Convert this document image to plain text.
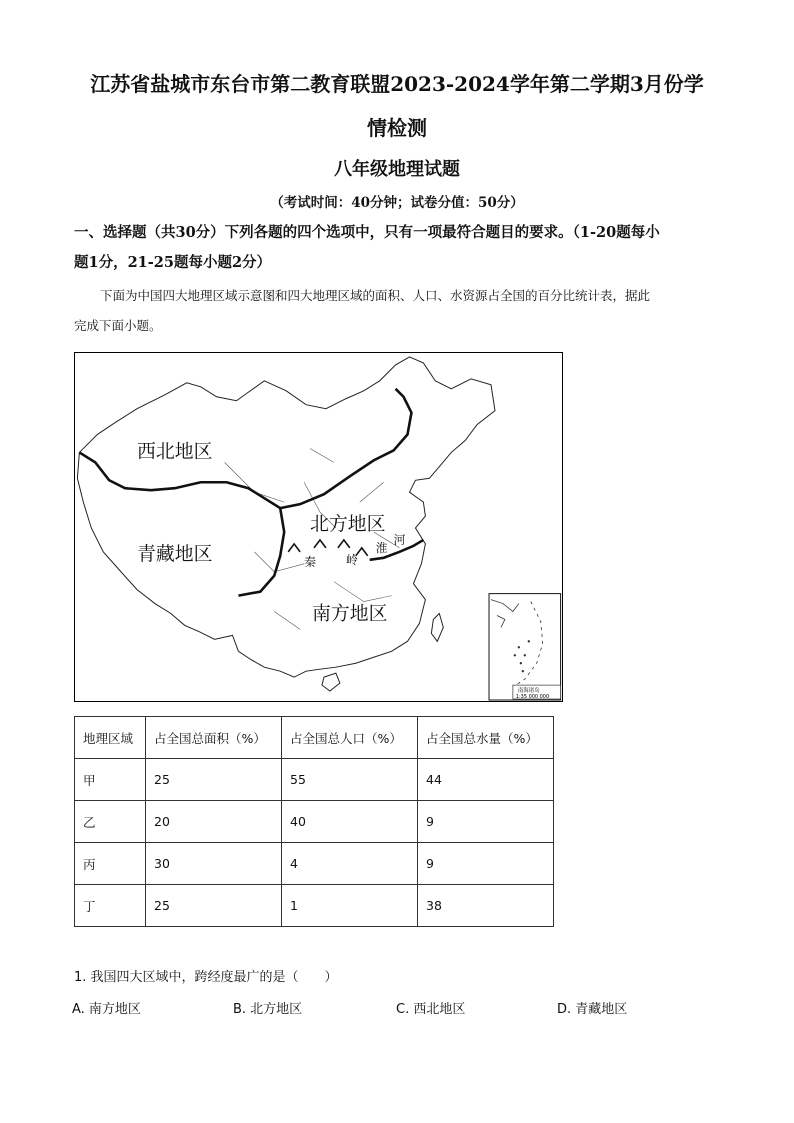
江苏省盐城市东台市第二教育联盟2023-2024学年第二学期3月份学
情检测
八年级地理试题
（考试时间：40分钟；试卷分值：50分）
一、选择题（共30分）下列各题的四个选项中，只有一项最符合题目的要求。（1-20题每小
题1分，21-25题每小题2分）
下面为中国四大地理区域示意图和四大地理区域的面积、人口、水资源占全国的百分比统计表，据此
完成下面小题。
西北地区
青藏地区
北方地区
南方地区
秦 岭
淮
河
南海诸岛
1:35 000 000
地理区域	占全国总面积（%）	占全国总人口（%）	占全国总水量（%）
甲	25	55	44
乙	20	40	9
丙	30	4	9
丁	25	1	38
1. 我国四大区域中，跨经度最广的是（　　）
A. 南方地区	B. 北方地区	C. 西北地区	D. 青藏地区
